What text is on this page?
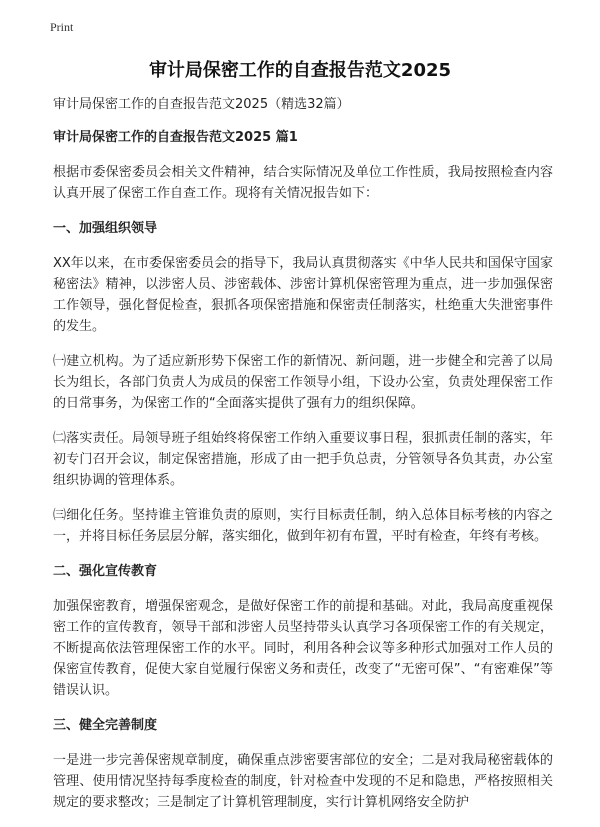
Print
审计局保密工作的自查报告范文2025

审计局保密工作的自查报告范文2025（精选32篇）

审计局保密工作的自查报告范文2025 篇1

根据市委保密委员会相关文件精神，结合实际情况及单位工作性质，我局按照检查内容认真开展了保密工作自查工作。现将有关情况报告如下：

一、加强组织领导

XX年以来，在市委保密委员会的指导下，我局认真贯彻落实《中华人民共和国保守国家秘密法》精神，以涉密人员、涉密载体、涉密计算机保密管理为重点，进一步加强保密工作领导，强化督促检查，狠抓各项保密措施和保密责任制落实，杜绝重大失泄密事件的发生。

㈠建立机构。为了适应新形势下保密工作的新情况、新问题，进一步健全和完善了以局长为组长，各部门负责人为成员的保密工作领导小组，下设办公室，负责处理保密工作的日常事务，为保密工作的“全面落实提供了强有力的组织保障。

㈡落实责任。局领导班子组始终将保密工作纳入重要议事日程，狠抓责任制的落实，年初专门召开会议，制定保密措施，形成了由一把手负总责，分管领导各负其责，办公室组织协调的管理体系。

㈢细化任务。坚持谁主管谁负责的原则，实行目标责任制，纳入总体目标考核的内容之一，并将目标任务层层分解，落实细化，做到年初有布置，平时有检查，年终有考核。

二、强化宣传教育

加强保密教育，增强保密观念，是做好保密工作的前提和基础。对此，我局高度重视保密工作的宣传教育，领导干部和涉密人员坚持带头认真学习各项保密工作的有关规定，不断提高依法管理保密工作的水平。同时，利用各种会议等多种形式加强对工作人员的保密宣传教育，促使大家自觉履行保密义务和责任，改变了“无密可保”、“有密难保”等错误认识。

三、健全完善制度

一是进一步完善保密规章制度，确保重点涉密要害部位的安全；二是对我局秘密载体的管理、使用情况坚持每季度检查的制度，针对检查中发现的不足和隐患，严格按照相关规定的要求整改；三是制定了计算机管理制度，实行计算机网络安全防护
